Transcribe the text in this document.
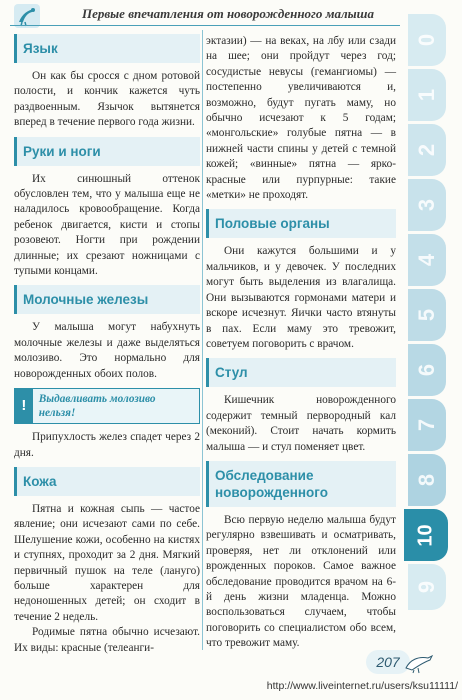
Первые впечатления от новорожденного малыша
Язык

Он как бы сросся с дном ротовой полости, и кончик кажется чуть раздвоенным. Язычок вытянется вперед в течение первого года жизни.

Руки и ноги

Их синюшный оттенок обусловлен тем, что у малыша еще не наладилось кровообращение. Когда ребенок двигается, кисти и стопы розовеют. Ногти при рождении длинные; их срезают ножницами с тупыми концами.

Молочные железы

У малыша могут набухнуть молочные железы и даже выделяться молозиво. Это нормально для новорожденных обоих полов.

!	Выдавливать молозиво нельзя!

Припухлость желез спадет через 2 дня.

Кожа

Пятна и кожная сыпь — частое явление; они исчезают сами по себе. Шелушение кожи, особенно на кистях и ступнях, проходит за 2 дня. Мягкий первичный пушок на теле (лануго) больше характерен для недоношенных детей; он сходит в течение 2 недель.

Родимые пятна обычно исчезают. Их виды: красные (телеанги-

эктазии) — на веках, на лбу или сзади на шее; они пройдут через год; сосудистые невусы (гемангиомы) — постепенно увеличиваются и, возможно, будут пугать маму, но обычно исчезают к 5 годам; «монгольские» голубые пятна — в нижней части спины у детей с темной кожей; «винные» пятна — ярко-красные или пурпурные: такие «метки» не проходят.

Половые органы

Они кажутся большими и у мальчиков, и у девочек. У последних могут быть выделения из влагалища. Они вызываются гормонами матери и вскоре исчезнут. Яички часто втянуты в пах. Если маму это тревожит, советуем поговорить с врачом.

Стул

Кишечник новорожденного содержит темный первородный кал (меконий). Стоит начать кормить малыша — и стул поменяет цвет.

Обследование новорожденного

Всю первую неделю малыша будут регулярно взвешивать и осматривать, проверяя, нет ли отклонений или врожденных пороков. Самое важное обследование проводится врачом на 6-й день жизни младенца. Можно воспользоваться случаем, чтобы поговорить со специалистом обо всем, что тревожит маму.

0
1
2
3
4
5
6
7
8
10
9
207
http://www.liveinternet.ru/users/ksu11111/
